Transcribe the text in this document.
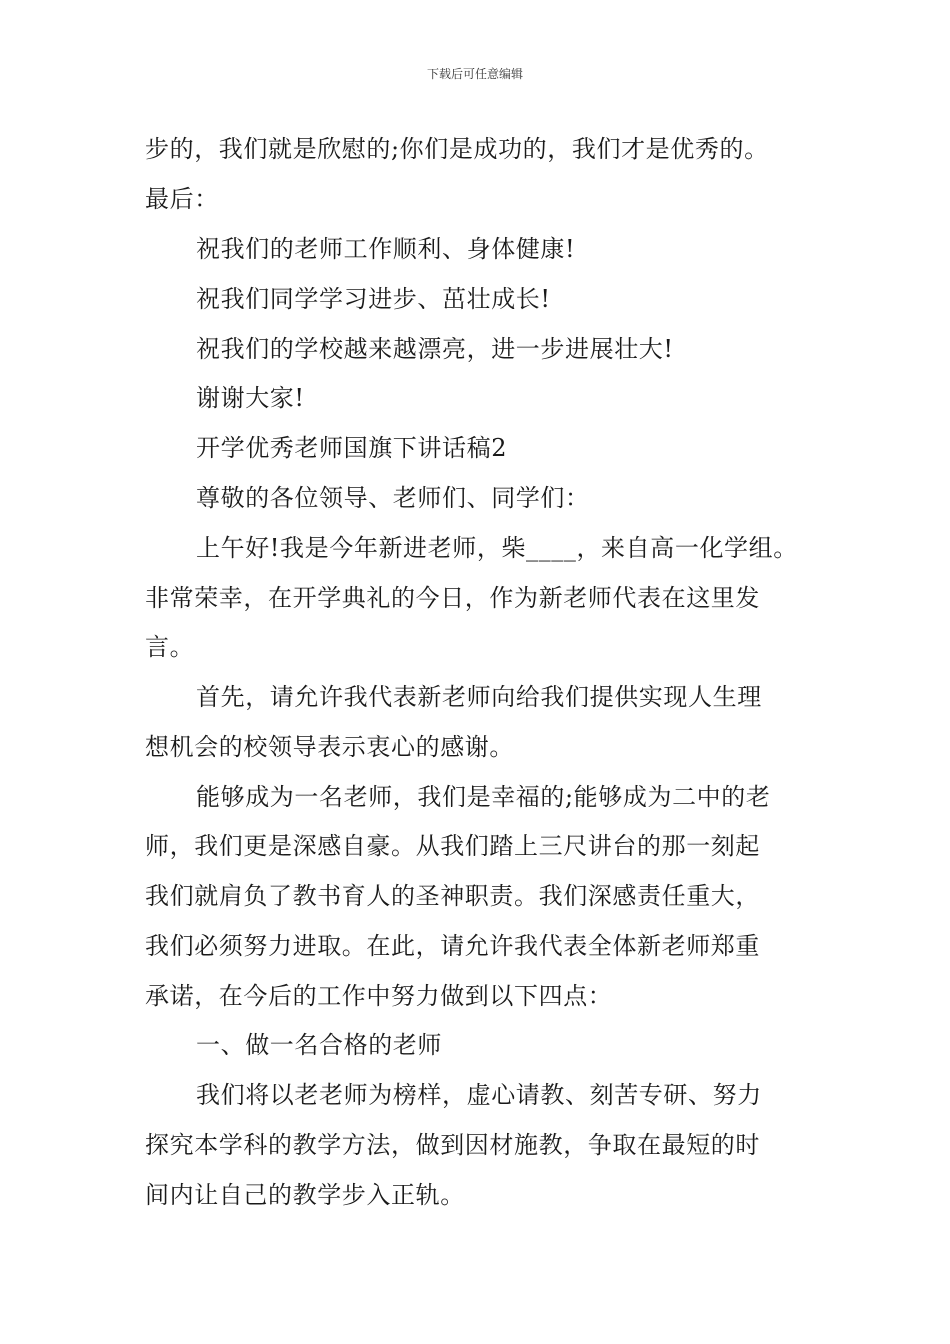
下载后可任意编辑
步的，我们就是欣慰的;你们是成功的，我们才是优秀的。
最后：
祝我们的老师工作顺利、身体健康!
祝我们同学学习进步、茁壮成长!
祝我们的学校越来越漂亮，进一步进展壮大!
谢谢大家!
开学优秀老师国旗下讲话稿2
尊敬的各位领导、老师们、同学们：
上午好!我是今年新进老师，柴____，来自高一化学组。
非常荣幸，在开学典礼的今日，作为新老师代表在这里发
言。
首先，请允许我代表新老师向给我们提供实现人生理
想机会的校领导表示衷心的感谢。
能够成为一名老师，我们是幸福的;能够成为二中的老
师，我们更是深感自豪。从我们踏上三尺讲台的那一刻起
我们就肩负了教书育人的圣神职责。我们深感责任重大，
我们必须努力进取。在此，请允许我代表全体新老师郑重
承诺，在今后的工作中努力做到以下四点：
一、做一名合格的老师
我们将以老老师为榜样，虚心请教、刻苦专研、努力
探究本学科的教学方法，做到因材施教，争取在最短的时
间内让自己的教学步入正轨。
